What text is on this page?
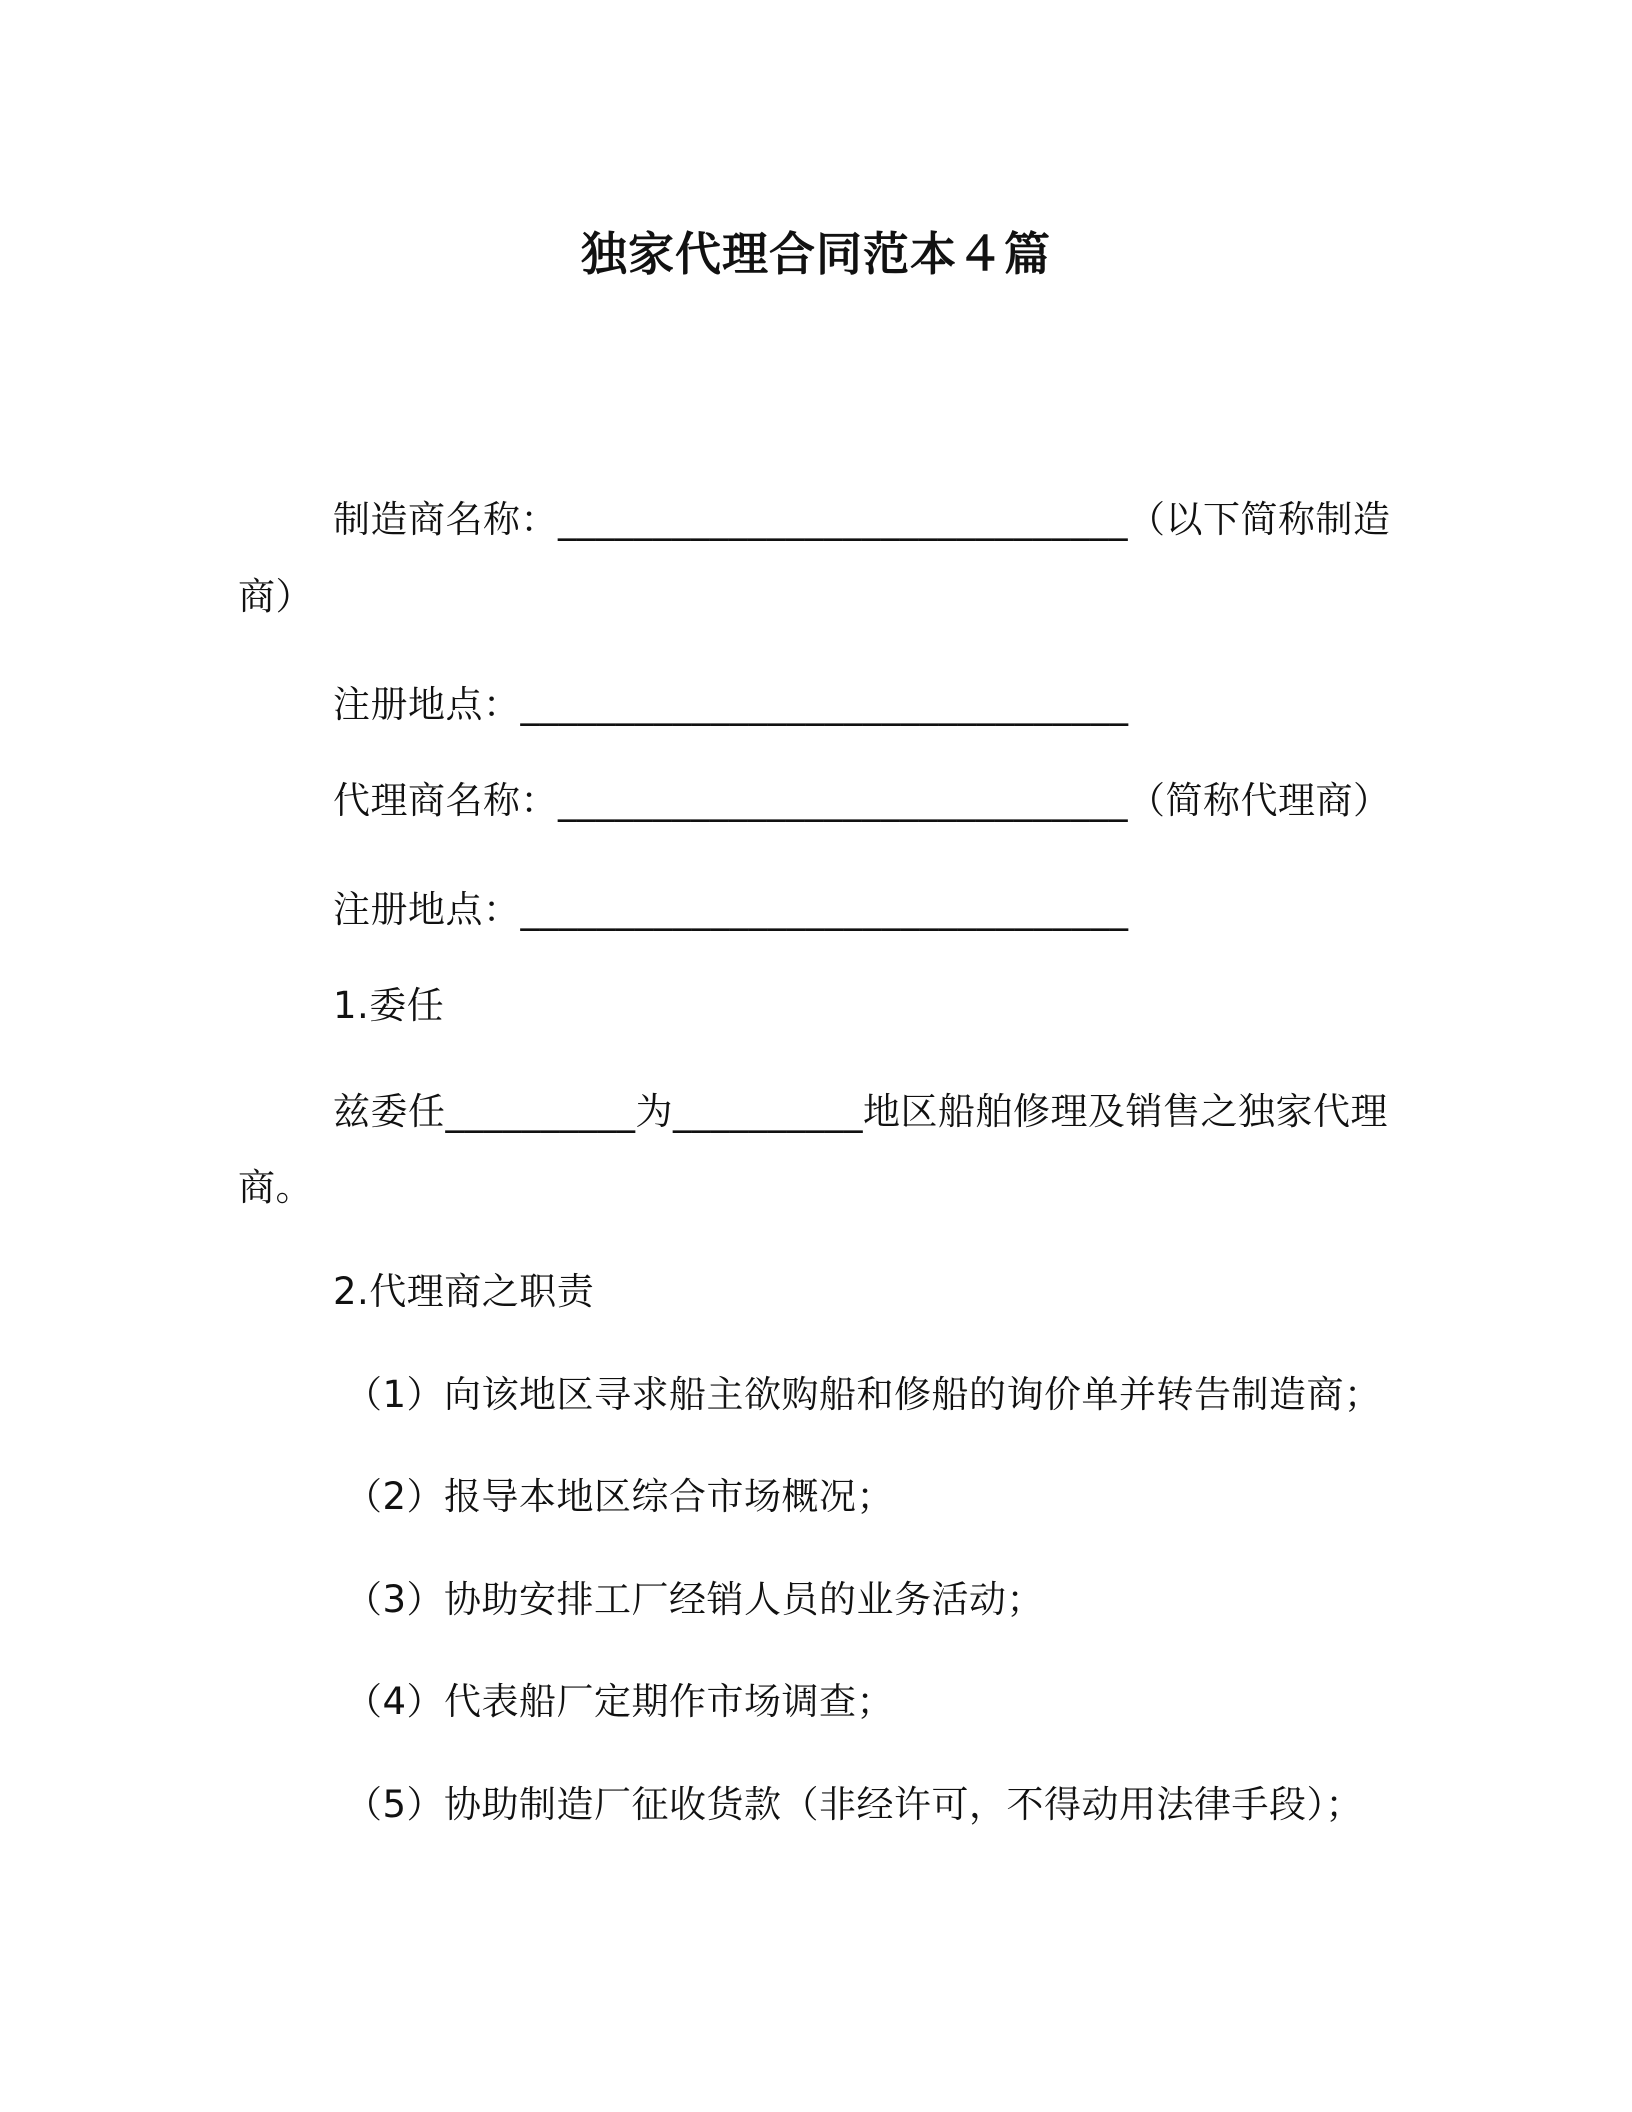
独家代理合同范本４篇
制造商名称：______________________________（以下简称制造
商）
注册地点：________________________________
代理商名称：______________________________（简称代理商）
注册地点：________________________________
1.委任
兹委任__________为__________地区船舶修理及销售之独家代理
商。
2.代理商之职责
（1）向该地区寻求船主欲购船和修船的询价单并转告制造商；
（2）报导本地区综合市场概况；
（3）协助安排工厂经销人员的业务活动；
（4）代表船厂定期作市场调查；
（5）协助制造厂征收货款（非经许可，不得动用法律手段）；
